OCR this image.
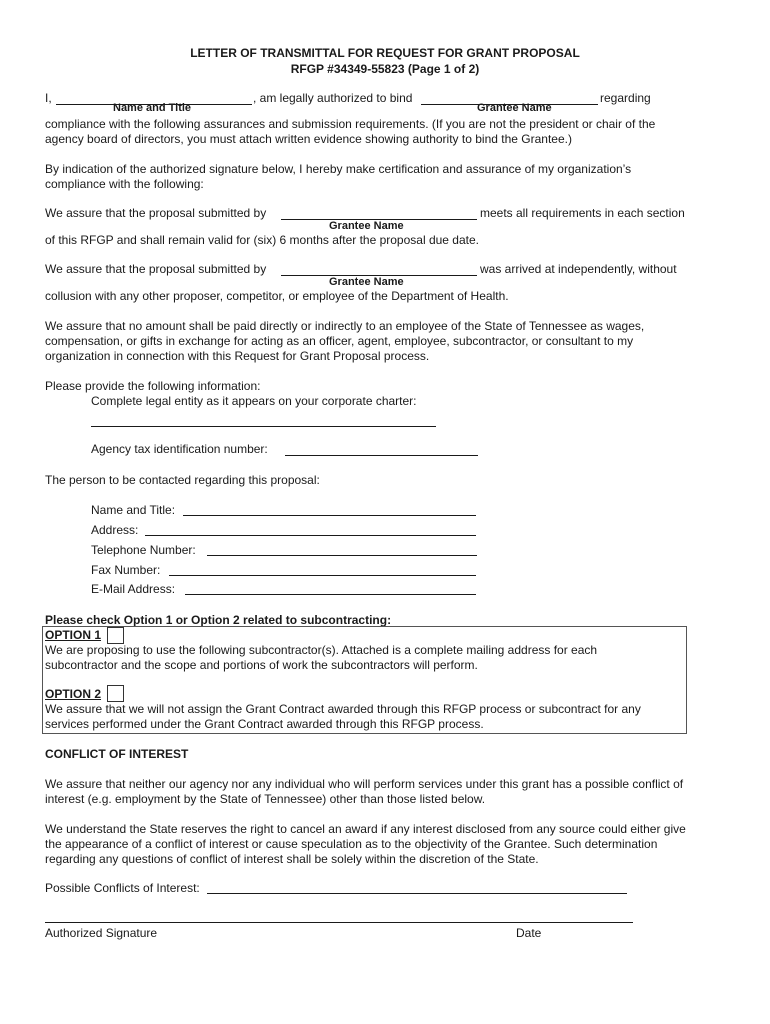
LETTER OF TRANSMITTAL FOR REQUEST FOR GRANT PROPOSAL
RFGP #34349-55823 (Page 1 of 2)
I,	, am legally authorized to bind	regarding
Name and Title	Grantee Name
compliance with the following assurances and submission requirements. (If you are not the president or chair of the
agency board of directors, you must attach written evidence showing authority to bind the Grantee.)
By indication of the authorized signature below, I hereby make certification and assurance of my organization’s
compliance with the following:
We assure that the proposal submitted by	meets all requirements in each section
Grantee Name
of this RFGP and shall remain valid for (six) 6 months after the proposal due date.
We assure that the proposal submitted by	was arrived at independently, without
Grantee Name
collusion with any other proposer, competitor, or employee of the Department of Health.
We assure that no amount shall be paid directly or indirectly to an employee of the State of Tennessee as wages,
compensation, or gifts in exchange for acting as an officer, agent, employee, subcontractor, or consultant to my
organization in connection with this Request for Grant Proposal process.
Please provide the following information:
Complete legal entity as it appears on your corporate charter:
Agency tax identification number:
The person to be contacted regarding this proposal:
Name and Title:
Address:
Telephone Number:
Fax Number:
E-Mail Address:
Please check Option 1 or Option 2 related to subcontracting:
OPTION 1
We are proposing to use the following subcontractor(s). Attached is a complete mailing address for each
subcontractor and the scope and portions of work the subcontractors will perform.
OPTION 2
We assure that we will not assign the Grant Contract awarded through this RFGP process or subcontract for any
services performed under the Grant Contract awarded through this RFGP process.
CONFLICT OF INTEREST
We assure that neither our agency nor any individual who will perform services under this grant has a possible conflict of
interest (e.g. employment by the State of Tennessee) other than those listed below.
We understand the State reserves the right to cancel an award if any interest disclosed from any source could either give
the appearance of a conflict of interest or cause speculation as to the objectivity of the Grantee. Such determination
regarding any questions of conflict of interest shall be solely within the discretion of the State.
Possible Conflicts of Interest:
Authorized Signature	Date
